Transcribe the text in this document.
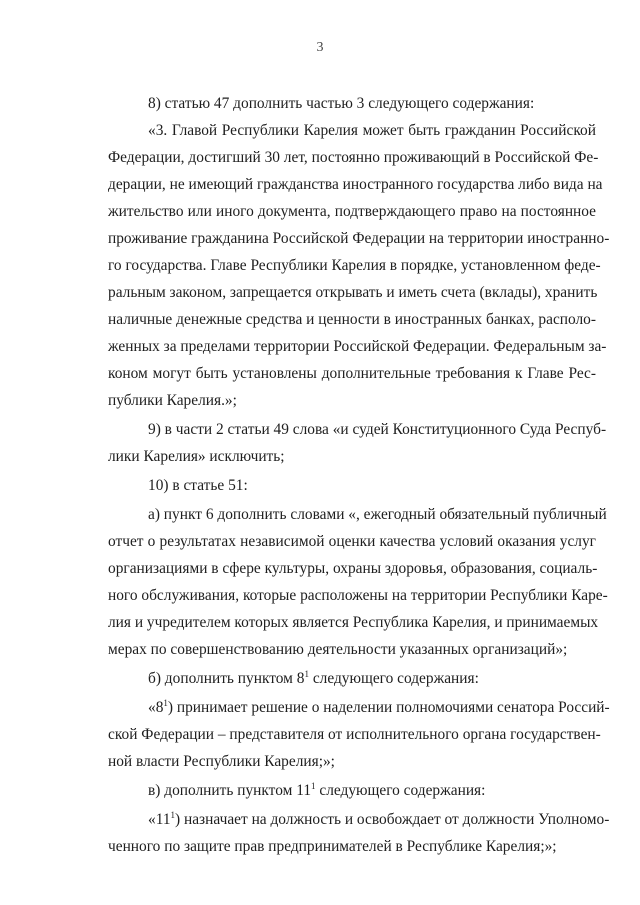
3
8) статью 47 дополнить частью 3 следующего содержания:
«3. Главой Республики Карелия может быть гражданин Российской
Федерации, достигший 30 лет, постоянно проживающий в Российской Фе-
дерации, не имеющий гражданства иностранного государства либо вида на
жительство или иного документа, подтверждающего право на постоянное
проживание гражданина Российской Федерации на территории иностранно-
го государства. Главе Республики Карелия в порядке, установленном феде-
ральным законом, запрещается открывать и иметь счета (вклады), хранить
наличные денежные средства и ценности в иностранных банках, располо-
женных за пределами территории Российской Федерации. Федеральным за-
коном могут быть установлены дополнительные требования к Главе Рес-
публики Карелия.»;
9) в части 2 статьи 49 слова «и судей Конституционного Суда Респуб-
лики Карелия» исключить;
10) в статье 51:
а) пункт 6 дополнить словами «, ежегодный обязательный публичный
отчет о результатах независимой оценки качества условий оказания услуг
организациями в сфере культуры, охраны здоровья, образования, социаль-
ного обслуживания, которые расположены на территории Республики Каре-
лия и учредителем которых является Республика Карелия, и принимаемых
мерах по совершенствованию деятельности указанных организаций»;
б) дополнить пунктом $8^1$ следующего содержания:
«$8^1$) принимает решение о наделении полномочиями сенатора Россий-
ской Федерации – представителя от исполнительного органа государствен-
ной власти Республики Карелия;»;
в) дополнить пунктом $11^1$ следующего содержания:
«$11^1$) назначает на должность и освобождает от должности Уполномо-
ченного по защите прав предпринимателей в Республике Карелия;»;
